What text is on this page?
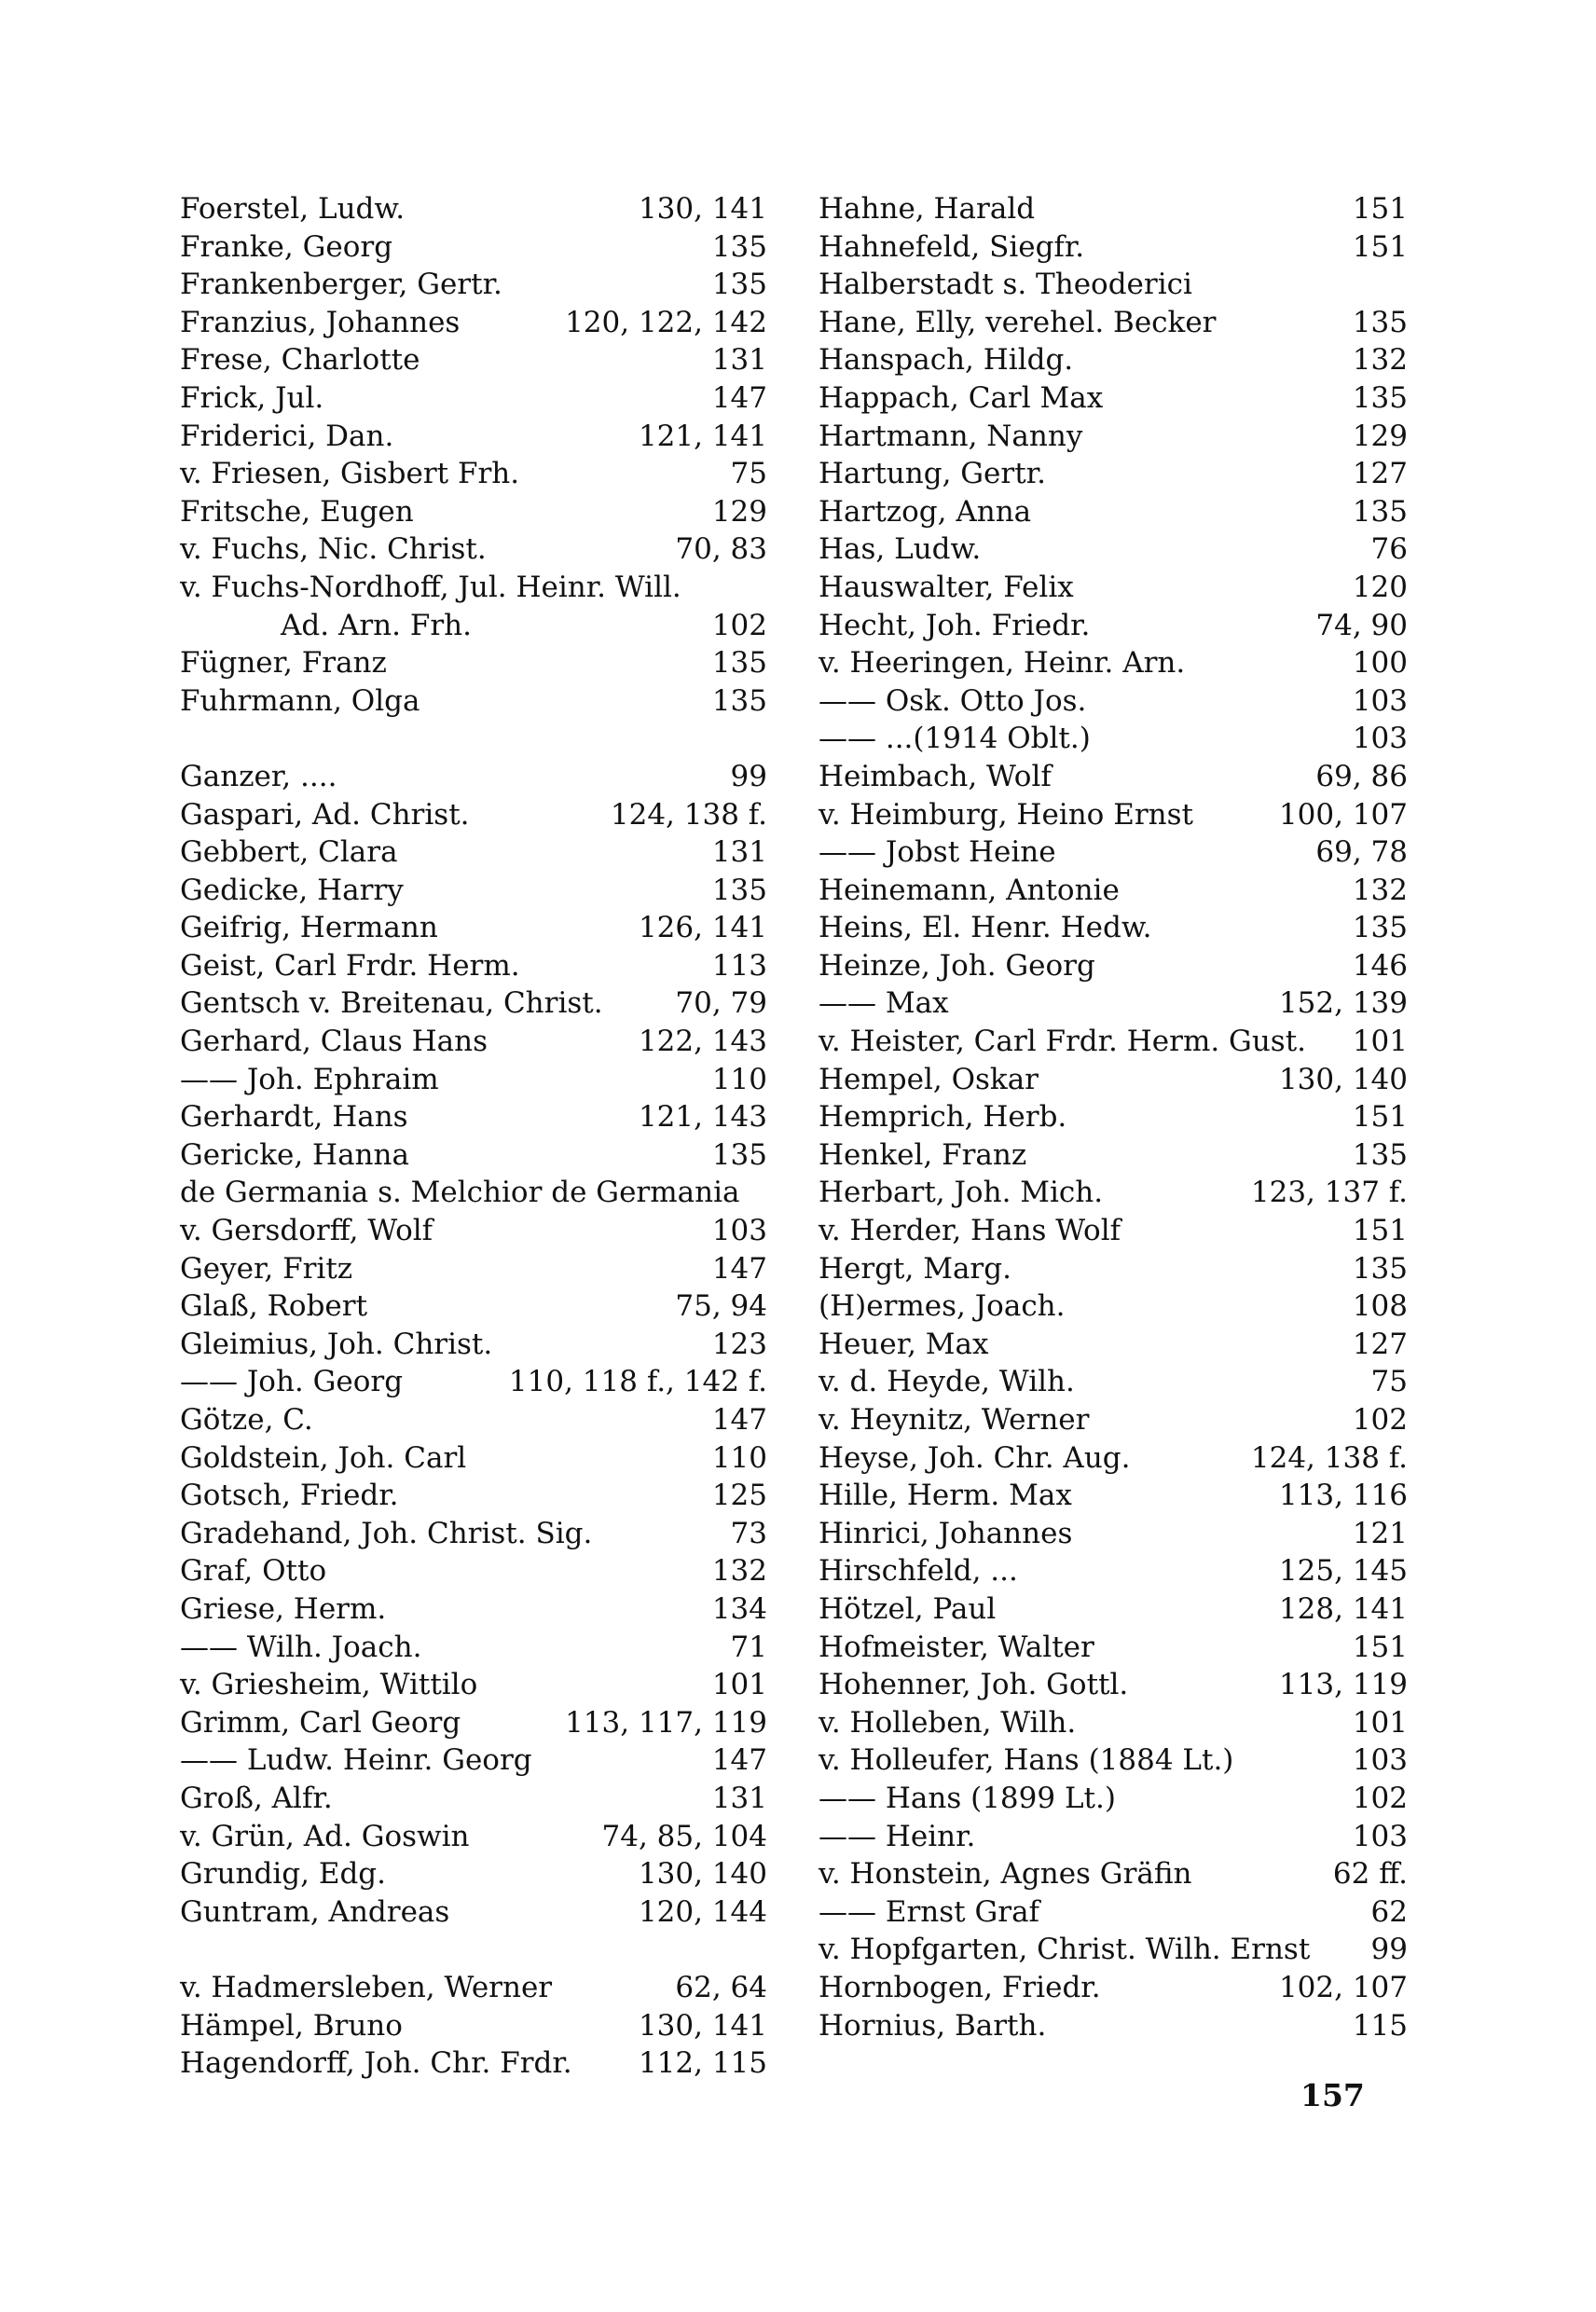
Foerstel, Ludw.	130, 141
Franke, Georg	135
Frankenberger, Gertr.	135
Franzius, Johannes	120, 122, 142
Frese, Charlotte	131
Frick, Jul.	147
Friderici, Dan.	121, 141
v. Friesen, Gisbert Frh.	75
Fritsche, Eugen	129
v. Fuchs, Nic. Christ.	70, 83
v. Fuchs-Nordhoff, Jul. Heinr. Will.
Ad. Arn. Frh.	102
Fügner, Franz	135
Fuhrmann, Olga	135
Ganzer, ....	99
Gaspari, Ad. Christ.	124, 138 f.
Gebbert, Clara	131
Gedicke, Harry	135
Geifrig, Hermann	126, 141
Geist, Carl Frdr. Herm.	113
Gentsch v. Breitenau, Christ.	70, 79
Gerhard, Claus Hans	122, 143
—— Joh. Ephraim	110
Gerhardt, Hans	121, 143
Gericke, Hanna	135
de Germania s. Melchior de Germania
v. Gersdorff, Wolf	103
Geyer, Fritz	147
Glaß, Robert	75, 94
Gleimius, Joh. Christ.	123
—— Joh. Georg	110, 118 f., 142 f.
Götze, C.	147
Goldstein, Joh. Carl	110
Gotsch, Friedr.	125
Gradehand, Joh. Christ. Sig.	73
Graf, Otto	132
Griese, Herm.	134
—— Wilh. Joach.	71
v. Griesheim, Wittilo	101
Grimm, Carl Georg	113, 117, 119
—— Ludw. Heinr. Georg	147
Groß, Alfr.	131
v. Grün, Ad. Goswin	74, 85, 104
Grundig, Edg.	130, 140
Guntram, Andreas	120, 144
v. Hadmersleben, Werner	62, 64
Hämpel, Bruno	130, 141
Hagendorff, Joh. Chr. Frdr. 112, 115
Hahne, Harald	151
Hahnefeld, Siegfr.	151
Halberstadt s. Theoderici
Hane, Elly, verehel. Becker	135
Hanspach, Hildg.	132
Happach, Carl Max	135
Hartmann, Nanny	129
Hartung, Gertr.	127
Hartzog, Anna	135
Has, Ludw.	76
Hauswalter, Felix	120
Hecht, Joh. Friedr.	74, 90
v. Heeringen, Heinr. Arn.	100
—— Osk. Otto Jos.	103
—— ...(1914 Oblt.)	103
Heimbach, Wolf	69, 86
v. Heimburg, Heino Ernst	100, 107
—— Jobst Heine	69, 78
Heinemann, Antonie	132
Heins, El. Henr. Hedw.	135
Heinze, Joh. Georg	146
—— Max	152, 139
v. Heister, Carl Frdr. Herm. Gust. 101
Hempel, Oskar	130, 140
Hemprich, Herb.	151
Henkel, Franz	135
Herbart, Joh. Mich.	123, 137 f.
v. Herder, Hans Wolf	151
Hergt, Marg.	135
(H)ermes, Joach.	108
Heuer, Max	127
v. d. Heyde, Wilh.	75
v. Heynitz, Werner	102
Heyse, Joh. Chr. Aug.	124, 138 f.
Hille, Herm. Max	113, 116
Hinrici, Johannes	121
Hirschfeld, ...	125, 145
Hötzel, Paul	128, 141
Hofmeister, Walter	151
Hohenner, Joh. Gottl.	113, 119
v. Holleben, Wilh.	101
v. Holleufer, Hans (1884 Lt.)	103
—— Hans (1899 Lt.)	102
—— Heinr.	103
v. Honstein, Agnes Gräfin	62 ff.
—— Ernst Graf	62
v. Hopfgarten, Christ. Wilh. Ernst 99
Hornbogen, Friedr.	102, 107
Hornius, Barth.	115
157
